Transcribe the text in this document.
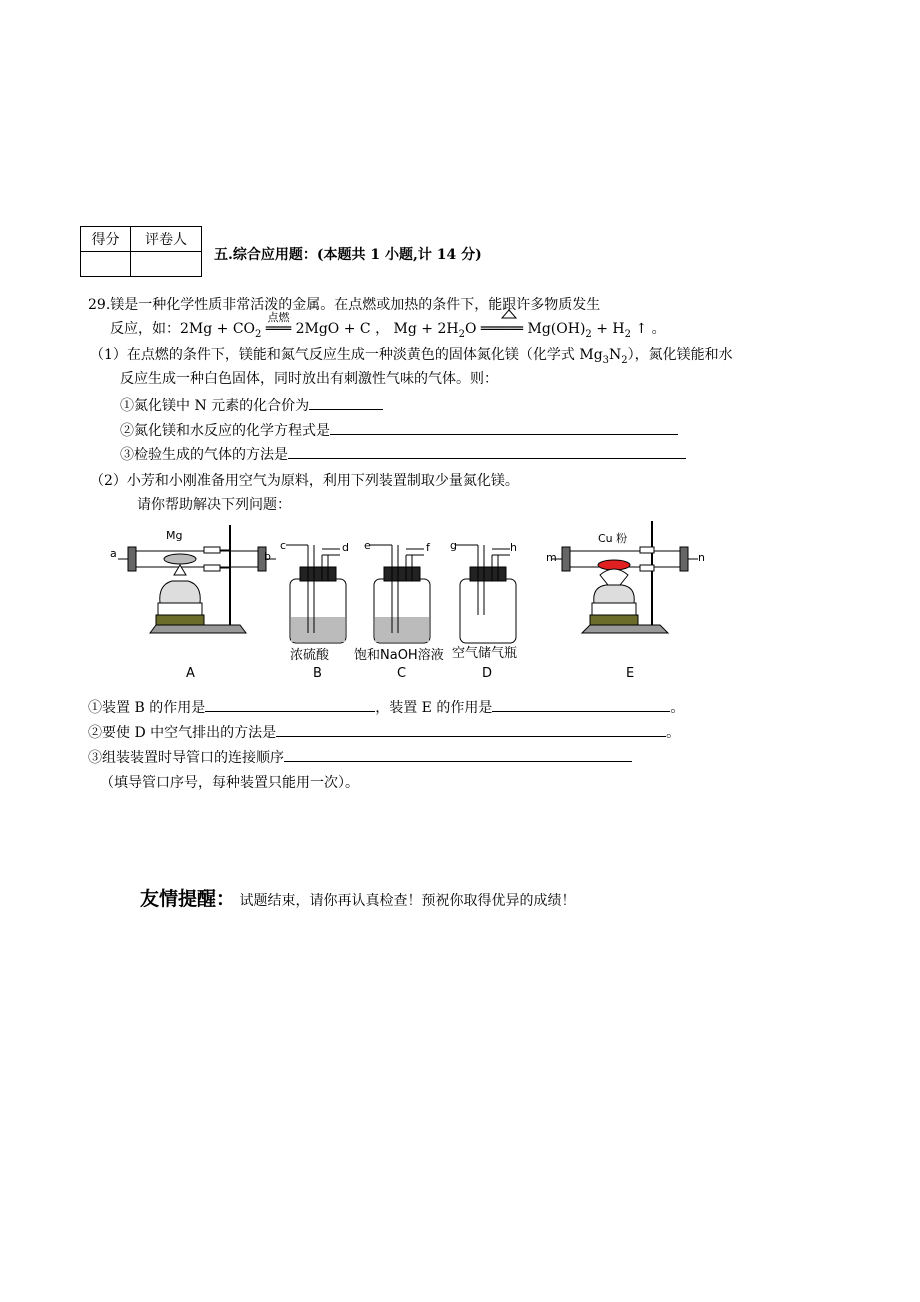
得分	评卷人

五.综合应用题：(本题共 1 小题,计 14 分)
29.镁是一种化学性质非常活泼的金属。在点燃或加热的条件下，能跟许多物质发生
反应，如：$2Mg + CO_2$
点燃
═══ 2MgO + C ， $Mg + 2H_2O$
═════ $Mg(OH)_2 + H_2$ ↑ 。
（1）在点燃的条件下，镁能和氮气反应生成一种淡黄色的固体氮化镁（化学式 $Mg_3N_2$），氮化镁能和水
反应生成一种白色固体，同时放出有刺激性气味的气体。则：
①氮化镁中 N 元素的化合价为
②氮化镁和水反应的化学方程式是
③检验生成的气体的方法是
（2）小芳和小刚准备用空气为原料，利用下列装置制取少量氮化镁。
请你帮助解决下列问题：
Mg
a	b
A
c	d
浓硫酸
B
e	f
饱和NaOH溶液
C
g	h
空气储气瓶
D
Cu 粉
m	n
E
①装置 B 的作用是	，装置 E 的作用是	。
②要使 D 中空气排出的方法是	。
③组装装置时导管口的连接顺序
（填导管口序号，每种装置只能用一次）。
友情提醒： 试题结束，请你再认真检查！预祝你取得优异的成绩！
